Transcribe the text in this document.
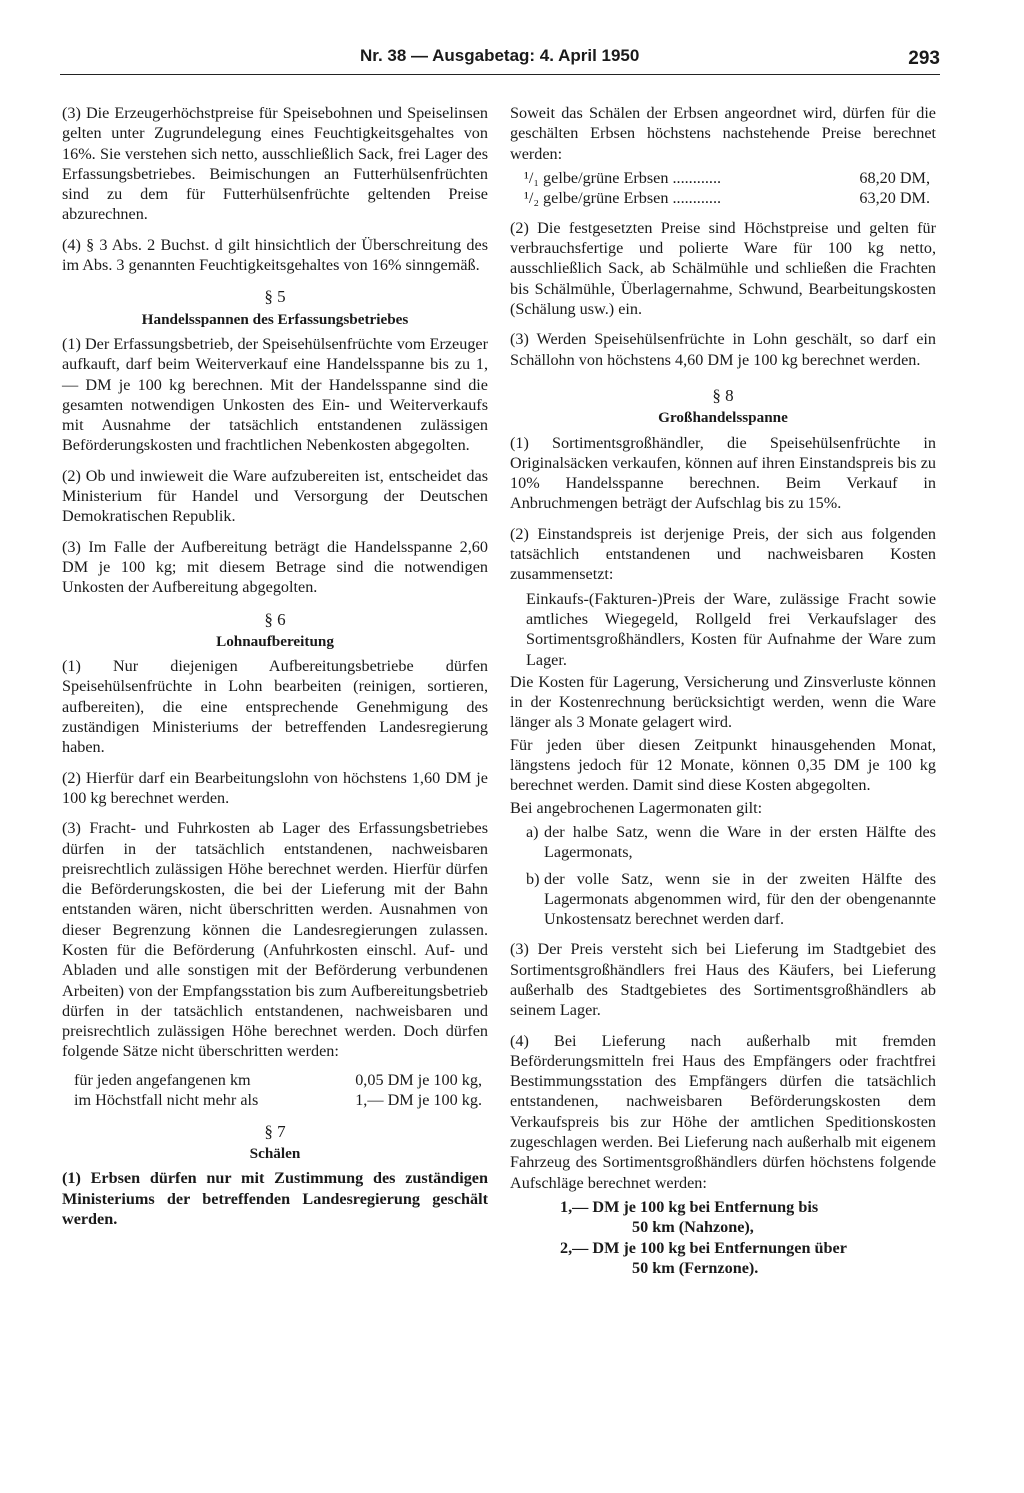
Nr. 38 — Ausgabetag: 4. April 1950	293

(3) Die Erzeugerhöchstpreise für Speisebohnen und Speiselinsen gelten unter Zugrundelegung eines Feuchtigkeitsgehaltes von 16%. Sie verstehen sich netto, ausschließlich Sack, frei Lager des Erfassungsbetriebes. Beimischungen an Futterhülsenfrüchten sind zu dem für Futterhülsenfrüchte geltenden Preise abzurechnen.

(4) § 3 Abs. 2 Buchst. d gilt hinsichtlich der Überschreitung des im Abs. 3 genannten Feuchtigkeitsgehaltes von 16% sinngemäß.

§ 5
Handelsspannen des Erfassungsbetriebes

(1) Der Erfassungsbetrieb, der Speisehülsenfrüchte vom Erzeuger aufkauft, darf beim Weiterverkauf eine Handelsspanne bis zu 1,— DM je 100 kg berechnen. Mit der Handelsspanne sind die gesamten notwendigen Unkosten des Ein- und Weiterverkaufs mit Ausnahme der tatsächlich entstandenen zulässigen Beförderungskosten und frachtlichen Nebenkosten abgegolten.

(2) Ob und inwieweit die Ware aufzubereiten ist, entscheidet das Ministerium für Handel und Versorgung der Deutschen Demokratischen Republik.

(3) Im Falle der Aufbereitung beträgt die Handelsspanne 2,60 DM je 100 kg; mit diesem Betrage sind die notwendigen Unkosten der Aufbereitung abgegolten.

§ 6
Lohnaufbereitung

(1) Nur diejenigen Aufbereitungsbetriebe dürfen Speisehülsenfrüchte in Lohn bearbeiten (reinigen, sortieren, aufbereiten), die eine entsprechende Genehmigung des zuständigen Ministeriums der betreffenden Landesregierung haben.

(2) Hierfür darf ein Bearbeitungslohn von höchstens 1,60 DM je 100 kg berechnet werden.

(3) Fracht- und Fuhrkosten ab Lager des Erfassungsbetriebes dürfen in der tatsächlich entstandenen, nachweisbaren preisrechtlich zulässigen Höhe berechnet werden. Hierfür dürfen die Beförderungskosten, die bei der Lieferung mit der Bahn entstanden wären, nicht überschritten werden. Ausnahmen von dieser Begrenzung können die Landesregierungen zulassen. Kosten für die Beförderung (Anfuhrkosten einschl. Auf- und Abladen und alle sonstigen mit der Beförderung verbundenen Arbeiten) von der Empfangsstation bis zum Aufbereitungsbetrieb dürfen in der tatsächlich entstandenen, nachweisbaren und preisrechtlich zulässigen Höhe berechnet werden. Doch dürfen folgende Sätze nicht überschritten werden:

für jeden angefangenen km	0,05 DM je 100 kg,
im Höchstfall nicht mehr als	1,— DM je 100 kg.
§ 7
Schälen

(1) Erbsen dürfen nur mit Zustimmung des zuständigen Ministeriums der betreffenden Landesregierung geschält werden.

Soweit das Schälen der Erbsen angeordnet wird, dürfen für die geschälten Erbsen höchstens nachstehende Preise berechnet werden:

¹/₁ gelbe/grüne Erbsen ............	68,20 DM,
¹/₂ gelbe/grüne Erbsen ............	63,20 DM.

(2) Die festgesetzten Preise sind Höchstpreise und gelten für verbrauchsfertige und polierte Ware für 100 kg netto, ausschließlich Sack, ab Schälmühle und schließen die Frachten bis Schälmühle, Überlagernahme, Schwund, Bearbeitungskosten (Schälung usw.) ein.

(3) Werden Speisehülsenfrüchte in Lohn geschält, so darf ein Schällohn von höchstens 4,60 DM je 100 kg berechnet werden.

§ 8
Großhandelsspanne

(1) Sortimentsgroßhändler, die Speisehülsenfrüchte in Originalsäcken verkaufen, können auf ihren Einstandspreis bis zu 10% Handelsspanne berechnen. Beim Verkauf in Anbruchmengen beträgt der Aufschlag bis zu 15%.

(2) Einstandspreis ist derjenige Preis, der sich aus folgenden tatsächlich entstandenen und nachweisbaren Kosten zusammensetzt:

Einkaufs-(Fakturen-)Preis der Ware, zulässige Fracht sowie amtliches Wiegegeld, Rollgeld frei Verkaufslager des Sortimentsgroßhändlers, Kosten für Aufnahme der Ware zum Lager.

Die Kosten für Lagerung, Versicherung und Zinsverluste können in der Kostenrechnung berücksichtigt werden, wenn die Ware länger als 3 Monate gelagert wird.

Für jeden über diesen Zeitpunkt hinausgehenden Monat, längstens jedoch für 12 Monate, können 0,35 DM je 100 kg berechnet werden. Damit sind diese Kosten abgegolten.

Bei angebrochenen Lagermonaten gilt:

a) der halbe Satz, wenn die Ware in der ersten Hälfte des Lagermonats,
b) der volle Satz, wenn sie in der zweiten Hälfte des Lagermonats abgenommen wird, für den der obengenannte Unkostensatz berechnet werden darf.

(3) Der Preis versteht sich bei Lieferung im Stadtgebiet des Sortimentsgroßhändlers frei Haus des Käufers, bei Lieferung außerhalb des Stadtgebietes des Sortimentsgroßhändlers ab seinem Lager.

(4) Bei Lieferung nach außerhalb mit fremden Beförderungsmitteln frei Haus des Empfängers oder frachtfrei Bestimmungsstation des Empfängers dürfen die tatsächlich entstandenen, nachweisbaren Beförderungskosten dem Verkaufspreis bis zur Höhe der amtlichen Speditionskosten zugeschlagen werden. Bei Lieferung nach außerhalb mit eigenem Fahrzeug des Sortimentsgroßhändlers dürfen höchstens folgende Aufschläge berechnet werden:

1,— DM je 100 kg bei Entfernung bis
50 km (Nahzone),
2,— DM je 100 kg bei Entfernungen über
50 km (Fernzone).
